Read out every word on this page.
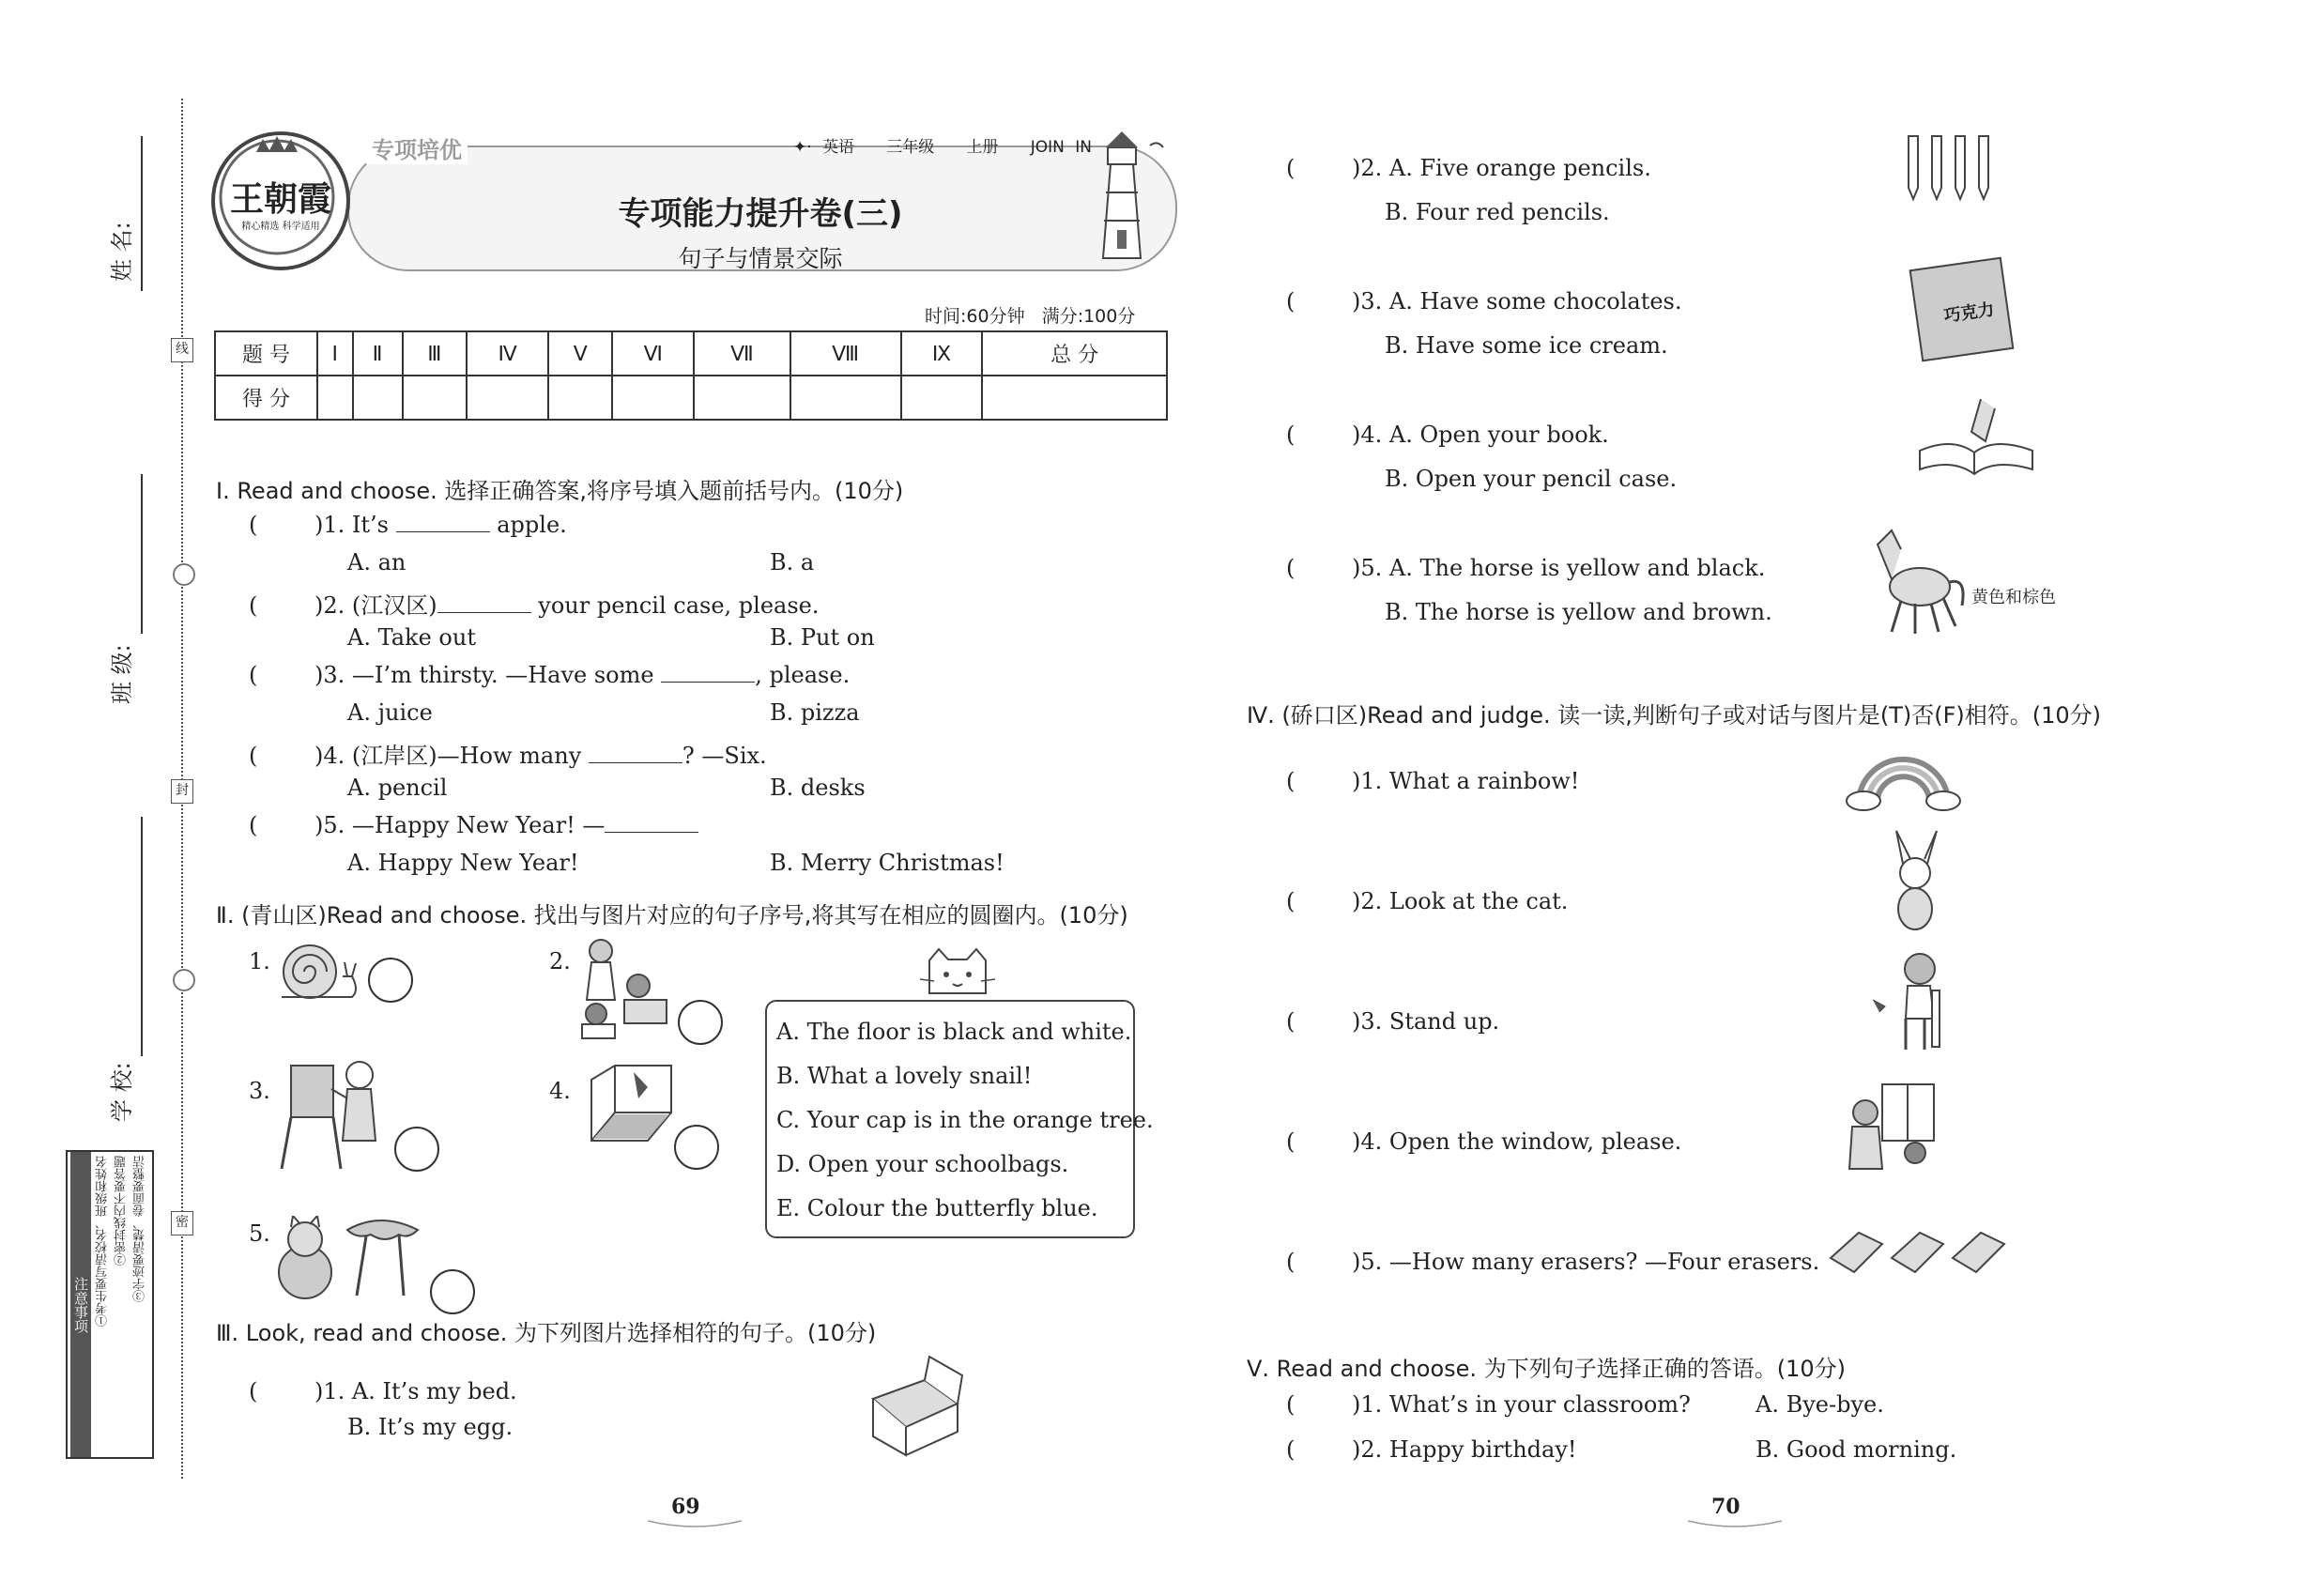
线
封
密
姓 名:
班 级:
学 校:
注意事项 ①考生要写清校名、班级和姓名 ②密封线内不要答题 ③字迹要清楚、卷面要整洁
王朝霞
精心精选 科学适用
专项培优	✦· 英语 三年级 上册 JOIN IN
专项能力提升卷(三)
句子与情景交际
时间:60分钟   满分:100分
题 号	Ⅰ	Ⅱ	Ⅲ	Ⅳ	Ⅴ	Ⅵ	Ⅶ	Ⅷ	Ⅸ	总 分
得 分										
Ⅰ. Read and choose. 选择正确答案,将序号填入题前括号内。(10分)
(	)1. It’s	apple.
A. an	B. a
(	)2. (江汉区)	your pencil case, please.
A. Take out	B. Put on
(	)3. —I’m thirsty. —Have some	, please.
A. juice	B. pizza
(	)4. (江岸区)—How many	? —Six.
A. pencil	B. desks
(	)5. —Happy New Year! —
A. Happy New Year!	B. Merry Christmas!
Ⅱ. (青山区)Read and choose. 找出与图片对应的句子序号,将其写在相应的圆圈内。(10分)
1.	2.
3.	4.
5.
A. The floor is black and white.
B. What a lovely snail!
C. Your cap is in the orange tree.
D. Open your schoolbags.
E. Colour the butterfly blue.
Ⅲ. Look, read and choose. 为下列图片选择相符的句子。(10分)
(	)1. A. It’s my bed.
B. It’s my egg.
(	)2. A. Five orange pencils.
B. Four red pencils.
(	)3. A. Have some chocolates.
B. Have some ice cream.
巧克力
(	)4. A. Open your book.
B. Open your pencil case.
(	)5. A. The horse is yellow and black.
B. The horse is yellow and brown.
黄色和棕色
Ⅳ. (硚口区)Read and judge. 读一读,判断句子或对话与图片是(T)否(F)相符。(10分)
(	)1. What a rainbow!
(	)2. Look at the cat.
(	)3. Stand up.
(	)4. Open the window, please.
(	)5. —How many erasers? —Four erasers.
Ⅴ. Read and choose. 为下列句子选择正确的答语。(10分)
(	)1. What’s in your classroom?	A. Bye-bye.
(	)2. Happy birthday!	B. Good morning.
69	70
